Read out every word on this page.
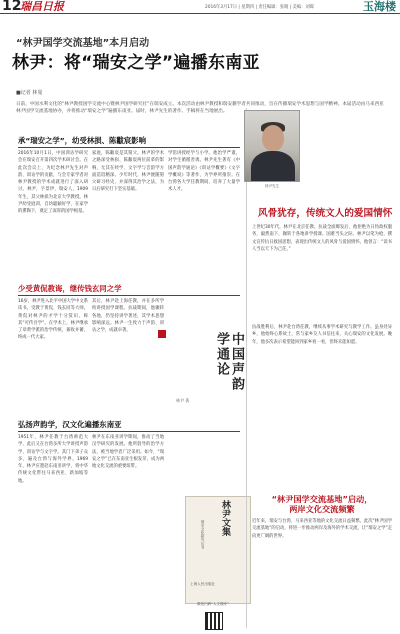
12
瑞昌日报	2016年3月17日 | 星期四 | 责任编辑：张晴 | 美编：刘晖	玉海楼
“林尹国学交流基地”本月启动
林尹：将“瑞安之学”遍播东南亚
■记者 林曼
日前，中国水利文化的“林尹教授国学交流中心暨林尹国学研究社”在瑞安成立。本次活动由林尹教授和瑞安籍学者共同推动，旨在传播瑞安学术思想与国学精神。本届活动由马来西亚林尹国学交流基地协办，并将推动“瑞安之学”遍播东南亚。届时，林尹先生的著作、手稿将在当地展出。
承“瑞安之学”，幼受林损、陈黻宸影响
2016年10月1日，中国训诂学研究会在瑞安召开第四次学术研讨会。在此次会议上，为纪念林尹先生对声韵、训诂学的贡献，与会专家学者对林尹教授的学术成就进行了深入研讨。林尹，字景伊，瑞安人，1909年生，其父林损为北京大学教授。林尹幼受庭训，自幼聪颖好学，在家学的熏陶下，奠定了深厚的国学根基。
家庭，陈黻宸是其舅父。林尹的学术之路深受林损、陈黻宸两位前辈的影响，尤其在经学、文字学与音韵学方面造诣精深。少年时代，林尹便随舅父研习经史，并深得其治学之法，为日后研究打下坚实基础。
学馆讲授经学与小学。他治学严谨，对学生循循善诱。林尹先生著有《中国声韵学通论》《训诂学概要》《文字学概说》等著作，为学界所推崇。在台湾各大学任教期间，培养了大量学术人才。
少受黄侃教诲，继传钱玄同之学
16岁，林尹进入北平中国大学中文系读书，受教于黄侃、钱玄同等大师。黄侃对林尹的才学十分赏识，称其“可传吾学”。在学术上，林尹继承了章黄学派的治学传统，兼收并蓄，终成一代大家。
其后，林尹赴上海任教，并在多所学校讲授国学课程。抗战期间，他辗转各地，仍坚持讲学著述，其学术思想影响深远。林尹一生致力于声韵、训诂之学，成就卓著。
中国声韵学通论
林尹 著
弘扬声韵学，汉文化遍播东南亚
1951年，林尹任教于台湾师范大学，此后又在台湾多所大学讲授声韵学、训诂学与文字学。其门下弟子众多，遍及台湾与海外学界。1969年，林尹应邀赴东南亚讲学，将中华传统文化带往马来西亚、新加坡等地。
林尹在东南亚讲学期间，推动了当地汉学研究的发展。他所倡导的治学方法，被当地学者广泛采用。如今，“瑞安之学”已在东南亚生根发芽，成为两地文化交流的重要纽带。
林尹文集
瑞安文化研究丛书
上海人民出版社
微信扫码“人文瑞安”
林尹先生
风骨犹存，传统文人的爱国情怀
上世纪30年代，林尹在北京任教。抗战全面爆发后，他拒绝为日伪政权服务，毅然南下，辗转于各地讲学授课。国难当头之际，林尹以笔为枪，撰文宣传抗日救国思想，表现出传统文人的风骨与爱国情怀。他曾言：“读书人当以天下为己任。”
抗战胜利后，林尹赴台湾任教，继续从事学术研究与教学工作。虽身处异乡，他始终心系故土，常与家乡友人书信往来，关心瑞安的文化发展。晚年，他多次表示希望能回到家乡看一看，但终未能如愿。
“林尹国学交流基地”启动，
两岸文化交流频繁
近年来，瑞安与台湾、马来西亚等地的文化交流日益频繁。此次“林尹国学交流基地”的启动，将进一步推动两岸及海外的学术交流，让“瑞安之学”走向更广阔的世界。
